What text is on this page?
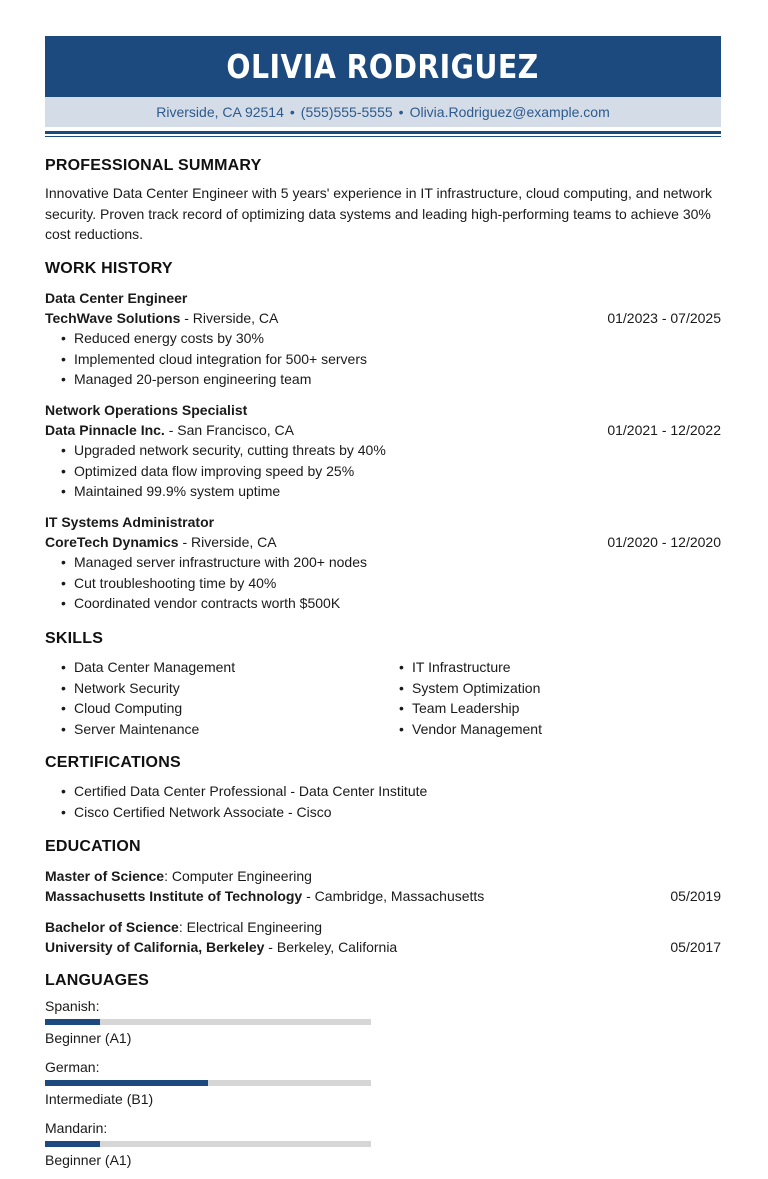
OLIVIA RODRIGUEZ
Riverside, CA 92514 • (555)555-5555 • Olivia.Rodriguez@example.com
PROFESSIONAL SUMMARY
Innovative Data Center Engineer with 5 years' experience in IT infrastructure, cloud computing, and network security. Proven track record of optimizing data systems and leading high-performing teams to achieve 30% cost reductions.
WORK HISTORY
Data Center Engineer
TechWave Solutions - Riverside, CA	01/2023 - 07/2025
• Reduced energy costs by 30%
• Implemented cloud integration for 500+ servers
• Managed 20-person engineering team
Network Operations Specialist
Data Pinnacle Inc. - San Francisco, CA	01/2021 - 12/2022
• Upgraded network security, cutting threats by 40%
• Optimized data flow improving speed by 25%
• Maintained 99.9% system uptime
IT Systems Administrator
CoreTech Dynamics - Riverside, CA	01/2020 - 12/2020
• Managed server infrastructure with 200+ nodes
• Cut troubleshooting time by 40%
• Coordinated vendor contracts worth $500K
SKILLS
• Data Center Management
• Network Security
• Cloud Computing
• Server Maintenance
• IT Infrastructure
• System Optimization
• Team Leadership
• Vendor Management
CERTIFICATIONS
• Certified Data Center Professional - Data Center Institute
• Cisco Certified Network Associate - Cisco
EDUCATION
Master of Science: Computer Engineering
Massachusetts Institute of Technology - Cambridge, Massachusetts	05/2019
Bachelor of Science: Electrical Engineering
University of California, Berkeley - Berkeley, California	05/2017
LANGUAGES
Spanish:
Beginner (A1)
German:
Intermediate (B1)
Mandarin:
Beginner (A1)
